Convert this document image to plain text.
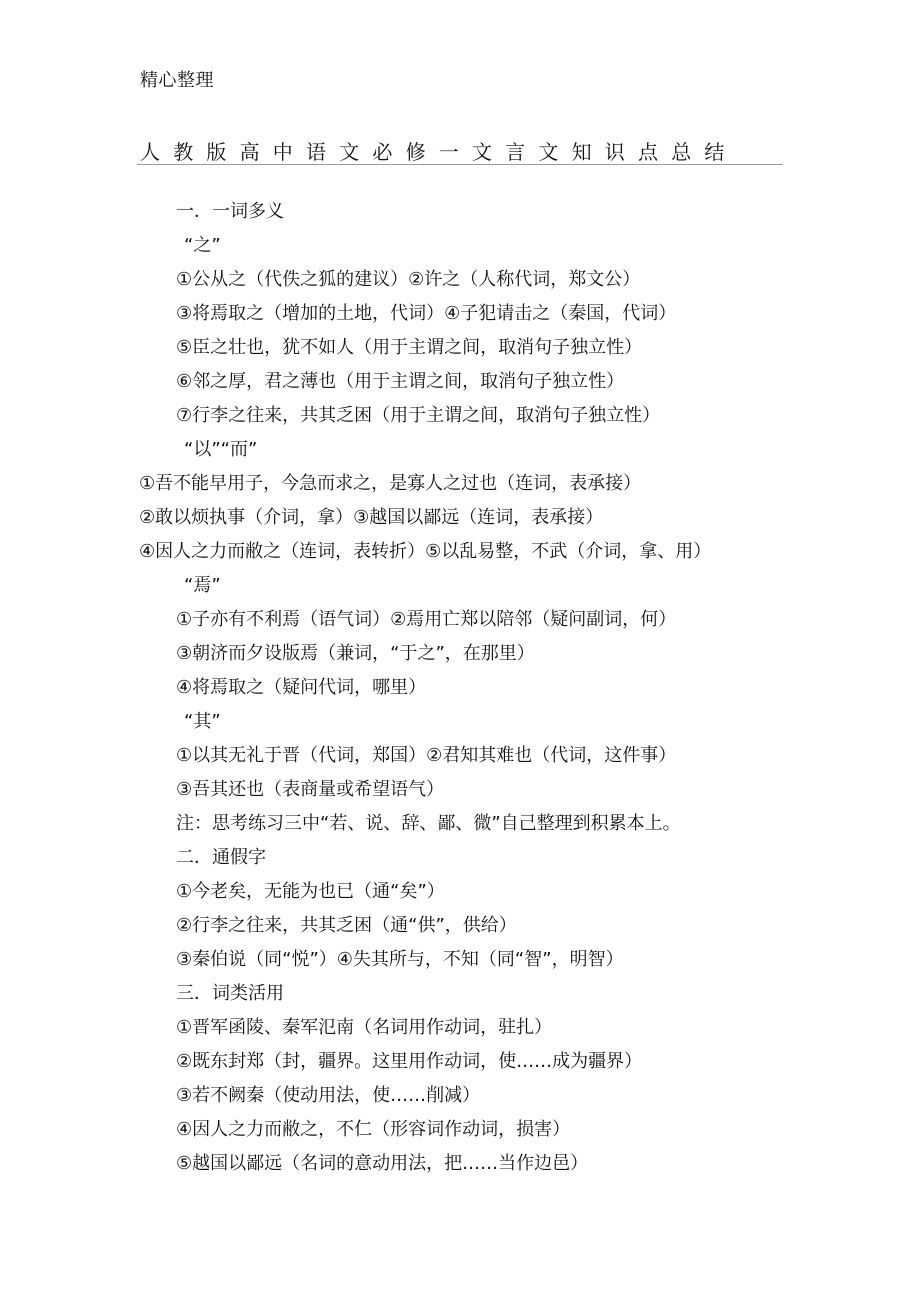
精心整理
人教版高中语文必修一文言文知识点总结
一．一词多义
“之”
①公从之（代佚之狐的建议）②许之（人称代词，郑文公）
③将焉取之（增加的土地，代词）④子犯请击之（秦国，代词）
⑤臣之壮也，犹不如人（用于主谓之间，取消句子独立性）
⑥邻之厚，君之薄也（用于主谓之间，取消句子独立性）
⑦行李之往来，共其乏困（用于主谓之间，取消句子独立性）
“以”“而”
①吾不能早用子，今急而求之，是寡人之过也（连词，表承接）
②敢以烦执事（介词，拿）③越国以鄙远（连词，表承接）
④因人之力而敝之（连词，表转折）⑤以乱易整，不武（介词，拿、用）
“焉”
①子亦有不利焉（语气词）②焉用亡郑以陪邻（疑问副词，何）
③朝济而夕设版焉（兼词，“于之”，在那里）
④将焉取之（疑问代词，哪里）
“其”
①以其无礼于晋（代词，郑国）②君知其难也（代词，这件事）
③吾其还也（表商量或希望语气）
注：思考练习三中“若、说、辞、鄙、微”自己整理到积累本上。
二．通假字
①今老矣，无能为也已（通“矣”）
②行李之往来，共其乏困（通“供”，供给）
③秦伯说（同“悦”）④失其所与，不知（同“智”，明智）
三．词类活用
①晋军函陵、秦军氾南（名词用作动词，驻扎）
②既东封郑（封，疆界。这里用作动词，使……成为疆界）
③若不阙秦（使动用法，使……削减）
④因人之力而敝之，不仁（形容词作动词，损害）
⑤越国以鄙远（名词的意动用法，把……当作边邑）
